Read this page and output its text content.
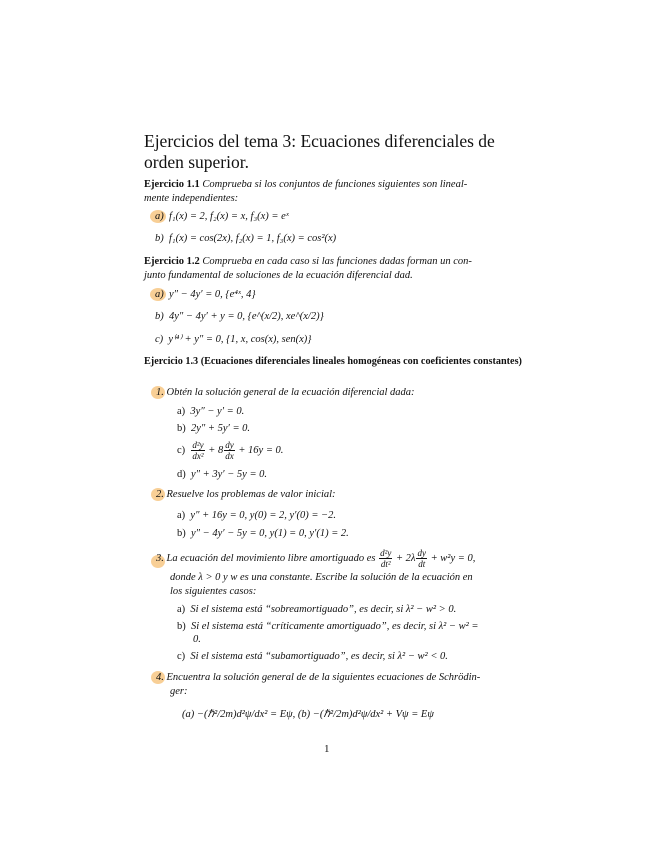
Ejercicios del tema 3: Ecuaciones diferenciales de
orden superior.
Ejercicio 1.1 Comprueba si los conjuntos de funciones siguientes son lineal-
mente independientes:
a) f₁(x) = 2, f₂(x) = x, f₃(x) = eˣ
b) f₁(x) = cos(2x), f₂(x) = 1, f₃(x) = cos²(x)
Ejercicio 1.2 Comprueba en cada caso si las funciones dadas forman un con-
junto fundamental de soluciones de la ecuación diferencial dad.
a) y″ − 4y′ = 0, {e⁴ˣ, 4}
b) 4y″ − 4y′ + y = 0, {e^(x/2), xe^(x/2)}
c) y⁽⁴⁾ + y″ = 0, {1, x, cos(x), sen(x)}
Ejercicio 1.3 (Ecuaciones diferenciales lineales homogéneas con coeficientes constantes)
1. Obtén la solución general de la ecuación diferencial dada:
a) 3y″ − y′ = 0.
b) 2y″ + 5y′ = 0.
$c) \frac{\text{d²y}}{\text{dx²}} + 8 \frac{dy}{dx} + 16y = 0$.
d) y″ + 3y′ − 5y = 0.
2. Resuelve los problemas de valor inicial:
a) y″ + 16y = 0, y(0) = 2, y′(0) = −2.
b) y″ − 4y′ − 5y = 0, y(1) = 0, y′(1) = 2.
3. La ecuación del movimiento libre amortiguado es $\frac{\text{d²y}}{\text{dt²}} + 2\lambda \frac{dy}{dt} + w^2y = 0$,
donde λ > 0 y w es una constante. Escribe la solución de la ecuación en
los siguientes casos:
a) Si el sistema está “sobreamortiguado”, es decir, si λ² − w² > 0.
b) Si el sistema está “críticamente amortiguado”, es decir, si λ² − w² =
0.
c) Si el sistema está “subamortiguado”, es decir, si λ² − w² < 0.
4. Encuentra la solución general de de la siguientes ecuaciones de Schrödin-
ger:
(a) −(ℏ²/2m)d²ψ/dx² = Eψ, (b) −(ℏ²/2m)d²ψ/dx² + Vψ = Eψ
1
